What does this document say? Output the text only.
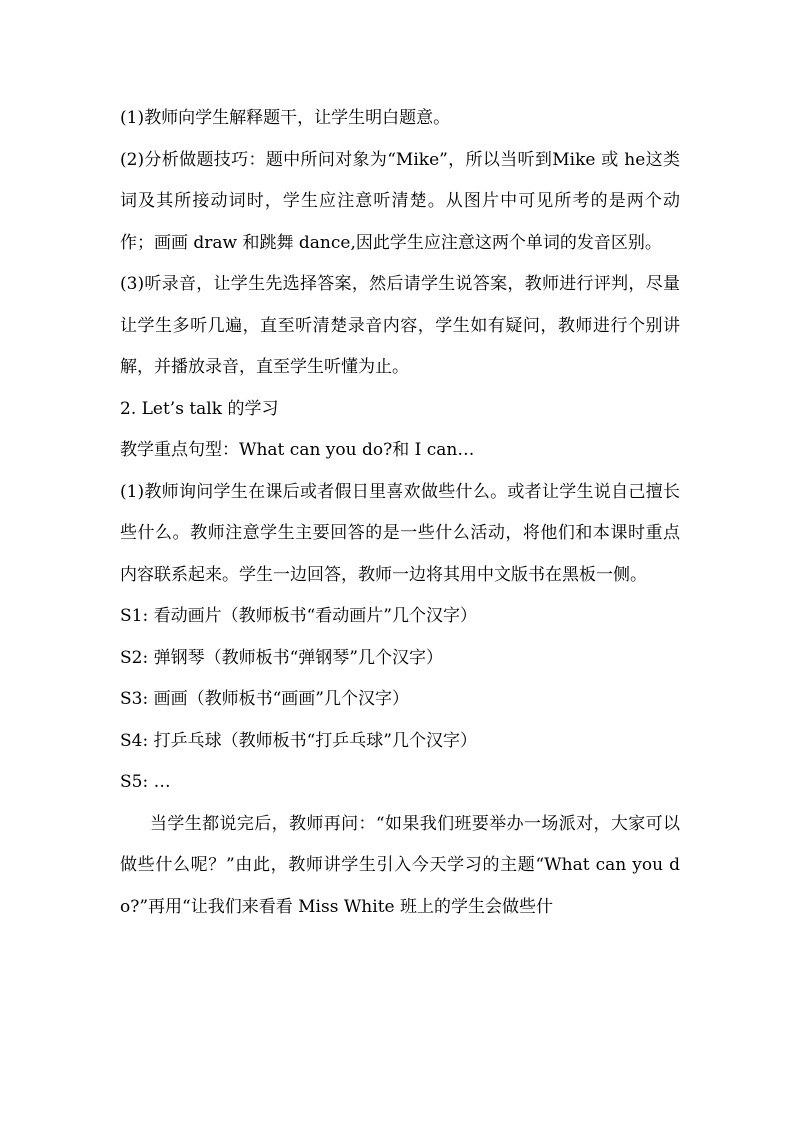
(1)教师向学生解释题干，让学生明白题意。

(2)分析做题技巧：题中所问对象为“Mike”，所以当听到Mike 或 he这类词及其所接动词时，学生应注意听清楚。从图片中可见所考的是两个动作；画画 draw 和跳舞 dance,因此学生应注意这两个单词的发音区别。

(3)听录音，让学生先选择答案，然后请学生说答案，教师进行评判，尽量让学生多听几遍，直至听清楚录音内容，学生如有疑问，教师进行个别讲解，并播放录音，直至学生听懂为止。

2. Let’s talk 的学习

教学重点句型：What can you do?和 I can…

(1)教师询问学生在课后或者假日里喜欢做些什么。或者让学生说自己擅长些什么。教师注意学生主要回答的是一些什么活动，将他们和本课时重点内容联系起来。学生一边回答，教师一边将其用中文版书在黑板一侧。

S1: 看动画片（教师板书“看动画片”几个汉字）

S2: 弹钢琴（教师板书“弹钢琴”几个汉字）

S3: 画画（教师板书“画画”几个汉字）

S4: 打乒乓球（教师板书“打乒乓球”几个汉字）

S5: …

当学生都说完后，教师再问：“如果我们班要举办一场派对，大家可以做些什么呢？”由此，教师讲学生引入今天学习的主题“What can you do?”再用“让我们来看看 Miss White 班上的学生会做些什
